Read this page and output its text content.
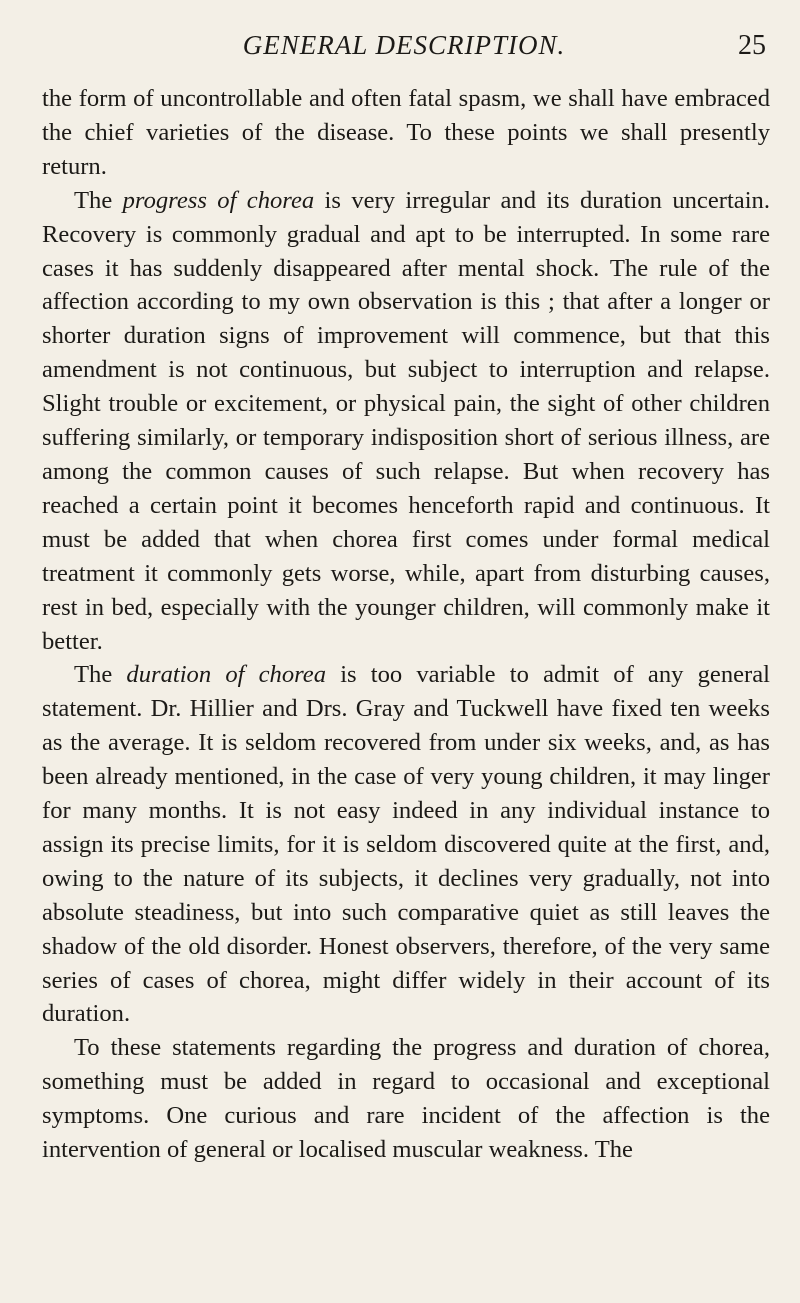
GENERAL DESCRIPTION.	25

the form of uncontrollable and often fatal spasm, we shall have embraced the chief varieties of the disease. To these points we shall presently return.

The progress of chorea is very irregular and its duration uncertain. Recovery is commonly gradual and apt to be interrupted. In some rare cases it has suddenly disappeared after mental shock. The rule of the affection according to my own observation is this ; that after a longer or shorter duration signs of improvement will commence, but that this amendment is not continuous, but subject to interruption and relapse. Slight trouble or excitement, or physical pain, the sight of other children suffering similarly, or temporary indisposition short of serious illness, are among the common causes of such relapse. But when recovery has reached a certain point it becomes henceforth rapid and continuous. It must be added that when chorea first comes under formal medical treatment it commonly gets worse, while, apart from disturbing causes, rest in bed, especially with the younger children, will commonly make it better.

The duration of chorea is too variable to admit of any general statement. Dr. Hillier and Drs. Gray and Tuckwell have fixed ten weeks as the average. It is seldom recovered from under six weeks, and, as has been already mentioned, in the case of very young children, it may linger for many months. It is not easy indeed in any individual instance to assign its precise limits, for it is seldom discovered quite at the first, and, owing to the nature of its subjects, it declines very gradually, not into absolute steadiness, but into such comparative quiet as still leaves the shadow of the old disorder. Honest observers, therefore, of the very same series of cases of chorea, might differ widely in their account of its duration.

To these statements regarding the progress and duration of chorea, something must be added in regard to occasional and exceptional symptoms. One curious and rare incident of the affection is the intervention of general or localised muscular weakness. The
